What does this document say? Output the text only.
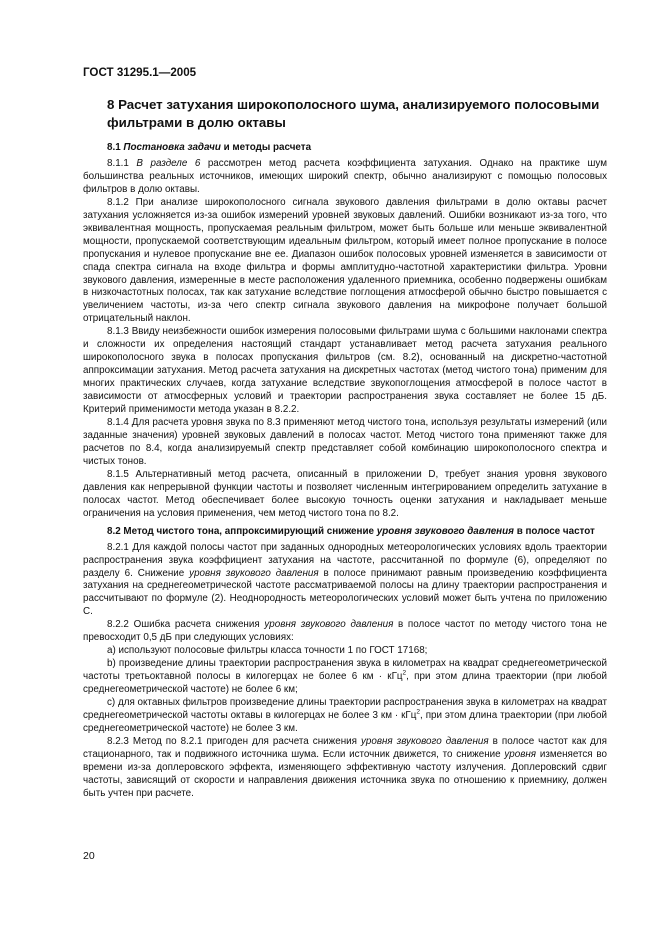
ГОСТ 31295.1—2005
8 Расчет затухания широкополосного шума, анализируемого полосовыми фильтрами в долю октавы

8.1 Постановка задачи и методы расчета

8.1.1 В разделе 6 рассмотрен метод расчета коэффициента затухания. Однако на практике шум большинства реальных источников, имеющих широкий спектр, обычно анализируют с помощью полосовых фильтров в долю октавы.

8.1.2 При анализе широкополосного сигнала звукового давления фильтрами в долю октавы расчет затухания усложняется из-за ошибок измерений уровней звуковых давлений. Ошибки возникают из-за того, что эквивалентная мощность, пропускаемая реальным фильтром, может быть больше или меньше эквивалентной мощности, пропускаемой соответствующим идеальным фильтром, который имеет полное пропускание в полосе пропускания и нулевое пропускание вне ее. Диапазон ошибок полосовых уровней изменяется в зависимости от спада спектра сигнала на входе фильтра и формы амплитудно-частотной характеристики фильтра. Уровни звукового давления, измеренные в месте расположения удаленного приемника, особенно подвержены ошибкам в низкочастотных полосах, так как затухание вследствие поглощения атмосферой обычно быстро повышается с увеличением частоты, из-за чего спектр сигнала звукового давления на микрофоне получает большой отрицательный наклон.

8.1.3 Ввиду неизбежности ошибок измерения полосовыми фильтрами шума с большими наклонами спектра и сложности их определения настоящий стандарт устанавливает метод расчета затухания реального широкополосного звука в полосах пропускания фильтров (см. 8.2), основанный на дискретно-частотной аппроксимации затухания. Метод расчета затухания на дискретных частотах (метод чистого тона) применим для многих практических случаев, когда затухание вследствие звукопоглощения атмосферой в полосе частот в зависимости от атмосферных условий и траектории распространения звука составляет не более 15 дБ. Критерий применимости метода указан в 8.2.2.

8.1.4 Для расчета уровня звука по 8.3 применяют метод чистого тона, используя результаты измерений (или заданные значения) уровней звуковых давлений в полосах частот. Метод чистого тона применяют также для расчетов по 8.4, когда анализируемый спектр представляет собой комбинацию широкополосного спектра и чистых тонов.

8.1.5 Альтернативный метод расчета, описанный в приложении D, требует знания уровня звукового давления как непрерывной функции частоты и позволяет численным интегрированием определить затухание в полосах частот. Метод обеспечивает более высокую точность оценки затухания и накладывает меньше ограничения на условия применения, чем метод чистого тона по 8.2.

8.2 Метод чистого тона, аппроксимирующий снижение уровня звукового давления в полосе частот

8.2.1 Для каждой полосы частот при заданных однородных метеорологических условиях вдоль траектории распространения звука коэффициент затухания на частоте, рассчитанной по формуле (6), определяют по разделу 6. Снижение уровня звукового давления в полосе принимают равным произведению коэффициента затухания на среднегеометрической частоте рассматриваемой полосы на длину траектории распространения и рассчитывают по формуле (2). Неоднородность метеорологических условий может быть учтена по приложению С.

8.2.2 Ошибка расчета снижения уровня звукового давления в полосе частот по методу чистого тона не превосходит 0,5 дБ при следующих условиях:

а) используют полосовые фильтры класса точности 1 по ГОСТ 17168;

b) произведение длины траектории распространения звука в километрах на квадрат среднегеометрической частоты третьоктавной полосы в килогерцах не более 6 км · кГц$^2$, при этом длина траектории (при любой среднегеометрической частоте) не более 6 км;

с) для октавных фильтров произведение длины траектории распространения звука в километрах на квадрат среднегеометрической частоты октавы в килогерцах не более 3 км · кГц$^2$, при этом длина траектории (при любой среднегеометрической частоте) не более 3 км.

8.2.3 Метод по 8.2.1 пригоден для расчета снижения уровня звукового давления в полосе частот как для стационарного, так и подвижного источника шума. Если источник движется, то снижение уровня изменяется во времени из-за доплеровского эффекта, изменяющего эффективную частоту излучения. Доплеровский сдвиг частоты, зависящий от скорости и направления движения источника звука по отношению к приемнику, должен быть учтен при расчете.

20
